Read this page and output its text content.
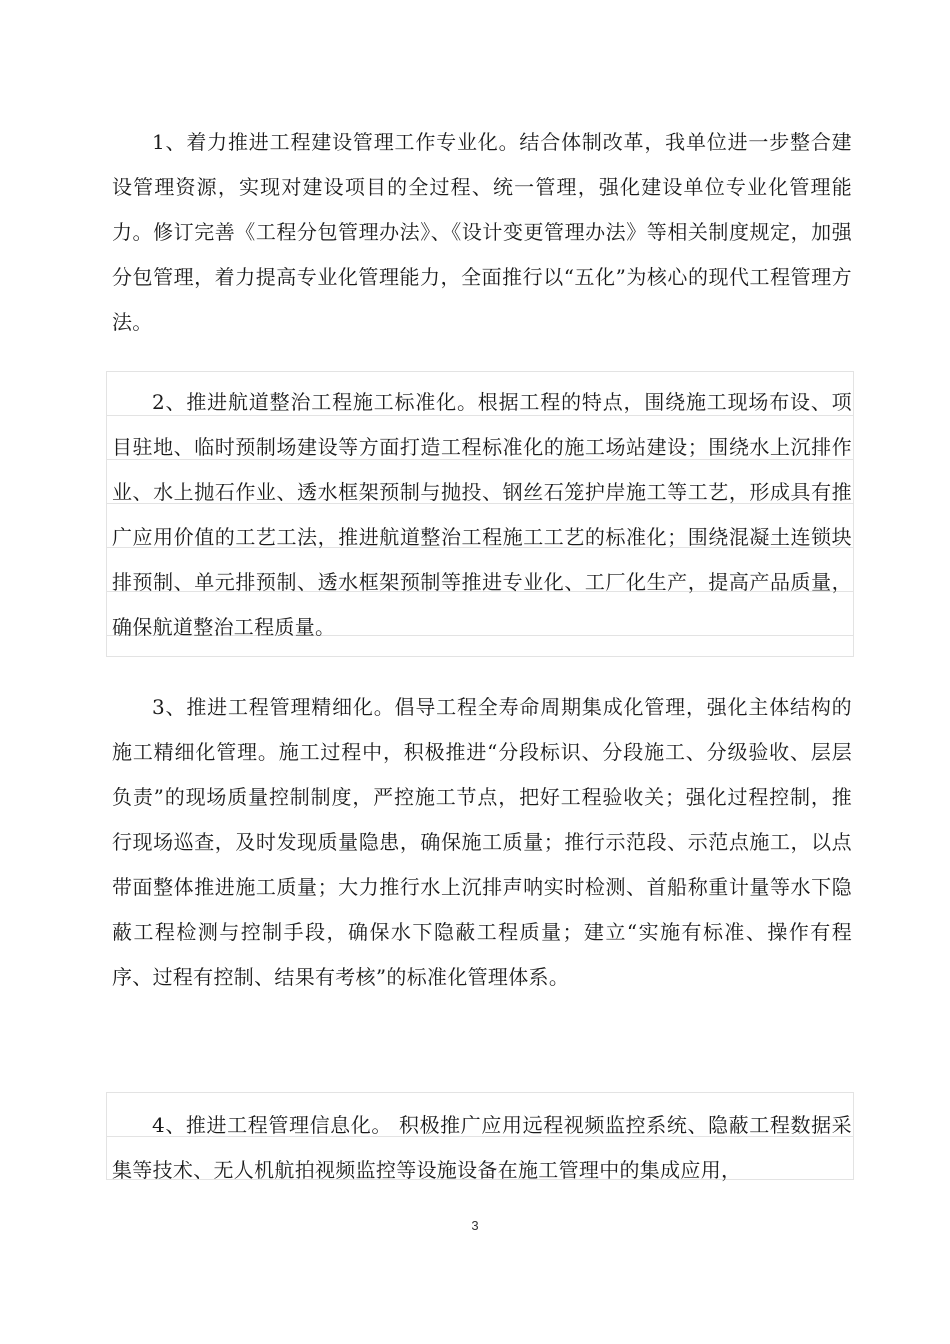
1、着力推进工程建设管理工作专业化。结合体制改革，我单位进一步整合建设管理资源，实现对建设项目的全过程、统一管理，强化建设单位专业化管理能力。修订完善《工程分包管理办法》、《设计变更管理办法》等相关制度规定，加强分包管理，着力提高专业化管理能力，全面推行以“五化”为核心的现代工程管理方法。

2、推进航道整治工程施工标准化。根据工程的特点，围绕施工现场布设、项目驻地、临时预制场建设等方面打造工程标准化的施工场站建设；围绕水上沉排作业、水上抛石作业、透水框架预制与抛投、钢丝石笼护岸施工等工艺，形成具有推广应用价值的工艺工法，推进航道整治工程施工工艺的标准化；围绕混凝土连锁块排预制、单元排预制、透水框架预制等推进专业化、工厂化生产，提高产品质量，确保航道整治工程质量。

3、推进工程管理精细化。倡导工程全寿命周期集成化管理，强化主体结构的施工精细化管理。施工过程中，积极推进“分段标识、分段施工、分级验收、层层负责”的现场质量控制制度，严控施工节点，把好工程验收关；强化过程控制，推行现场巡查，及时发现质量隐患，确保施工质量；推行示范段、示范点施工，以点带面整体推进施工质量；大力推行水上沉排声呐实时检测、首船称重计量等水下隐蔽工程检测与控制手段，确保水下隐蔽工程质量；建立“实施有标准、操作有程序、过程有控制、结果有考核”的标准化管理体系。

4、推进工程管理信息化。 积极推广应用远程视频监控系统、隐蔽工程数据采集等技术、无人机航拍视频监控等设施设备在施工管理中的集成应用，

3
